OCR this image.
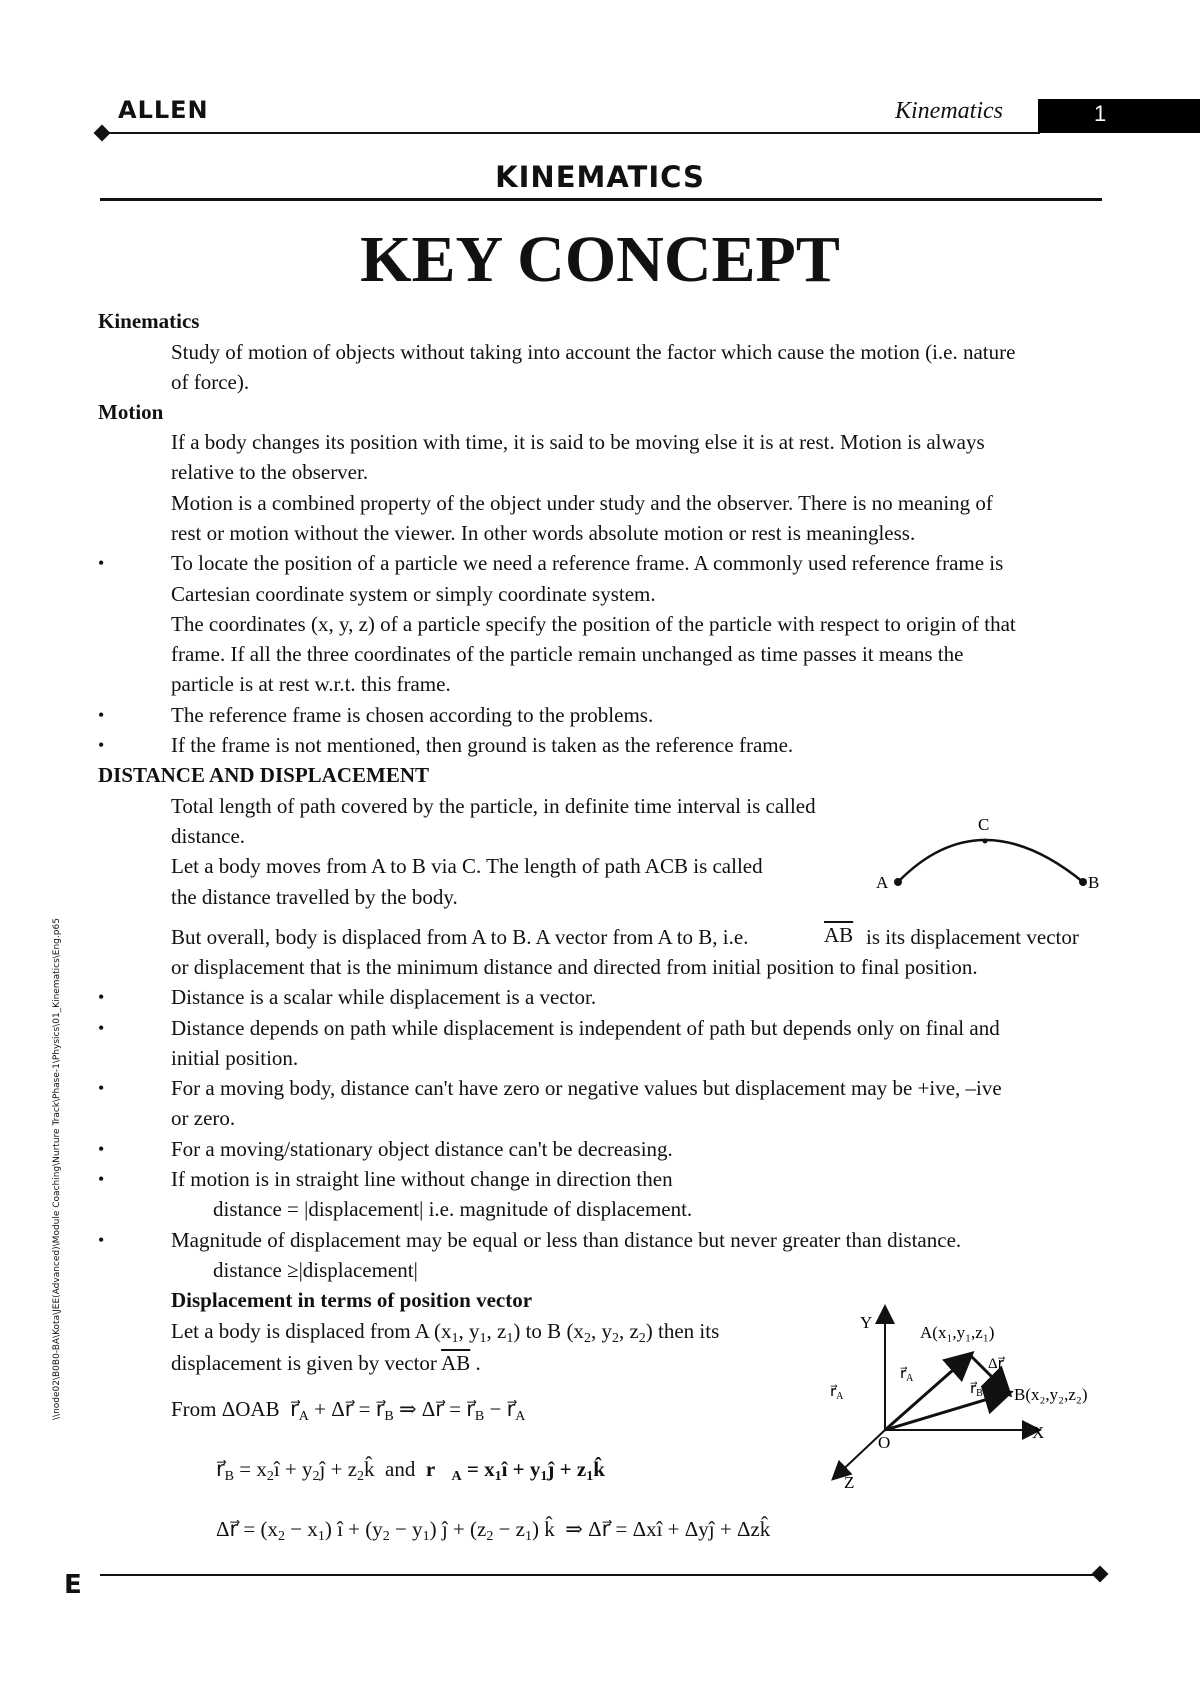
ALLEN	Kinematics	1
KINEMATICS
KEY CONCEPT
Kinematics
Study of motion of objects without taking into account the factor which cause the motion (i.e. nature
of force).
Motion
If a body changes its position with time, it is said to be moving else it is at rest. Motion is always
relative to the observer.
Motion is a combined property of the object under study and the observer. There is no meaning of
rest or motion without the viewer. In other words absolute motion or rest is meaningless.
•	To locate the position of a particle we need a reference frame. A commonly used reference frame is
Cartesian coordinate system or simply coordinate system.
The coordinates (x, y, z) of a particle specify the position of the particle with respect to origin of that
frame. If all the three coordinates of the particle remain unchanged as time passes it means the
particle is at rest w.r.t. this frame.
•	The reference frame is chosen according to the problems.
•	If the frame is not mentioned, then ground is taken as the reference frame.
DISTANCE AND DISPLACEMENT
Total length of path covered by the particle, in definite time interval is called
distance.
Let a body moves from A to B via C. The length of path ACB is called
the distance travelled by the body.
A	B
C
But overall, body is displaced from A to B. A vector from A to B, i.e.	$\overline{AB}$ is its displacement vector
or displacement that is the minimum distance and directed from initial position to final position.
•	Distance is a scalar while displacement is a vector.
•	Distance depends on path while displacement is independent of path but depends only on final and
initial position.
•	For a moving body, distance can't have zero or negative values but displacement may be +ive, –ive
or zero.
•	For a moving/stationary object distance can't be decreasing.
•	If motion is in straight line without change in direction then
distance = |displacement| i.e. magnitude of displacement.
•	Magnitude of displacement may be equal or less than distance but never greater than distance.
distance ≥|displacement|
Displacement in terms of position vector
Let a body is displaced from A ($x_1$, $y_1$, $z_1$) to B ($x_2$, $y_2$, $z_2$) then its
displacement is given by vector $\overline{AB}$ .
From ΔOAB  $r⃗_A$ + Δr⃗ = $r⃗_B$ ⇒ Δr⃗ = $r⃗_B$ − $r⃗_A$
$r⃗_B$ = $x_2î$ + $y_2ĵ$ + $z_2k̂$  and $r⃗_A$ = $x_1î$ + $y_1ĵ$ + $z_1k̂$
Δr⃗ = $(x_2 - x_1)$ î + $(y_2 - y_1)$ ĵ + $(z_2 - z_1)$ k̂  ⇒ Δr⃗ = Δxî + Δyĵ + Δzk̂
Y
X
Z
O
A(x₁,y₁,z₁)
B(x₂,y₂,z₂)
$r⃗_A$
$r⃗_A$
$r⃗_B$
Δr⃗
\\node02\B0B0-BA\Kota\JEE(Advanced)\Module Coaching\Nurture Track\Phase-1\Physics\01_Kinematics\Eng.p65
E
